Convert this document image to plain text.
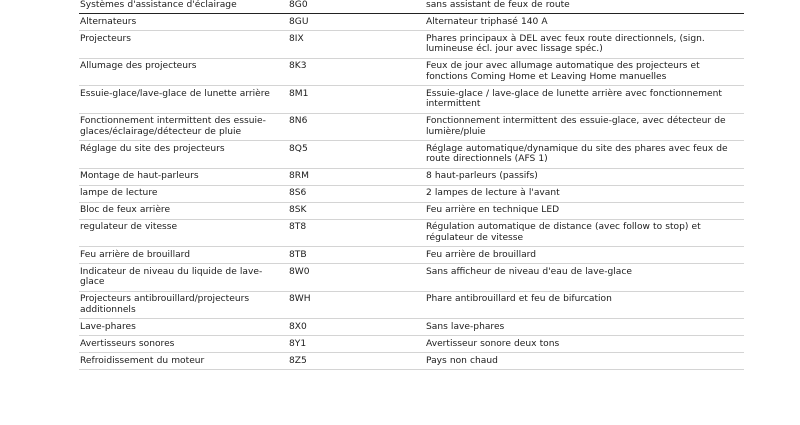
Systèmes d'assistance d'éclairage	8G0	sans assistant de feux de route
Alternateurs	8GU	Alternateur triphasé 140 A
Projecteurs	8IX	Phares principaux à DEL avec feux route directionnels, (sign. lumineuse écl. jour avec lissage spéc.)
Allumage des projecteurs	8K3	Feux de jour avec allumage automatique des projecteurs et fonctions Coming Home et Leaving Home manuelles
Essuie-glace/lave-glace de lunette arrière	8M1	Essuie-glace / lave-glace de lunette arrière avec fonctionnement intermittent
Fonctionnement intermittent des essuie-glaces/éclairage/détecteur de pluie	8N6	Fonctionnement intermittent des essuie-glace, avec détecteur de lumière/pluie
Réglage du site des projecteurs	8Q5	Réglage automatique/dynamique du site des phares avec feux de route directionnels (AFS 1)
Montage de haut-parleurs	8RM	8 haut-parleurs (passifs)
lampe de lecture	8S6	2 lampes de lecture à l'avant
Bloc de feux arrière	8SK	Feu arrière en technique LED
regulateur de vitesse	8T8	Régulation automatique de distance (avec follow to stop) et régulateur de vitesse
Feu arrière de brouillard	8TB	Feu arrière de brouillard
Indicateur de niveau du liquide de lave-glace	8W0	Sans afficheur de niveau d'eau de lave-glace
Projecteurs antibrouillard/projecteurs additionnels	8WH	Phare antibrouillard et feu de bifurcation
Lave-phares	8X0	Sans lave-phares
Avertisseurs sonores	8Y1	Avertisseur sonore deux tons
Refroidissement du moteur	8Z5	Pays non chaud
